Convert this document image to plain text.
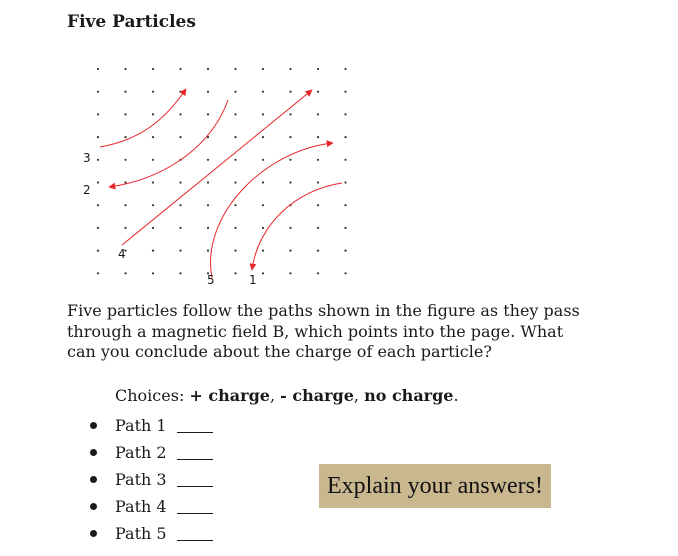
Five Particles
3
2
4
5	1
Five particles follow the paths shown in the figure as they pass through a magnetic field B, which points into the page. What can you conclude about the charge of each particle?
Choices: + charge, - charge, no charge.
Path 1
Path 2
Path 3
Path 4
Path 5
Explain your answers!
